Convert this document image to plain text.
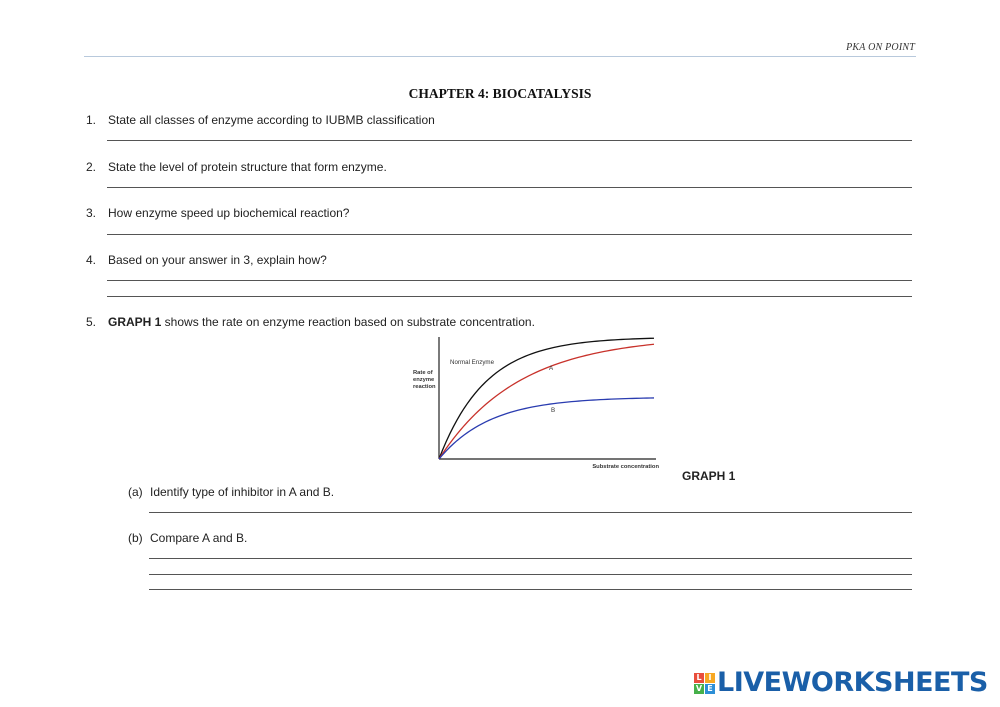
PKA ON POINT
CHAPTER 4: BIOCATALYSIS
1. State all classes of enzyme according to IUBMB classification
2. State the level of protein structure that form enzyme.
3. How enzyme speed up biochemical reaction?
4. Based on your answer in 3, explain how?
5. GRAPH 1 shows the rate on enzyme reaction based on substrate concentration.
Normal Enzyme
A
B
Rate of
enzyme
reaction
Substrate concentration
GRAPH 1
(a) Identify type of inhibitor in A and B.
(b) Compare A and B.
L I
V E LIVEWORKSHEETS
